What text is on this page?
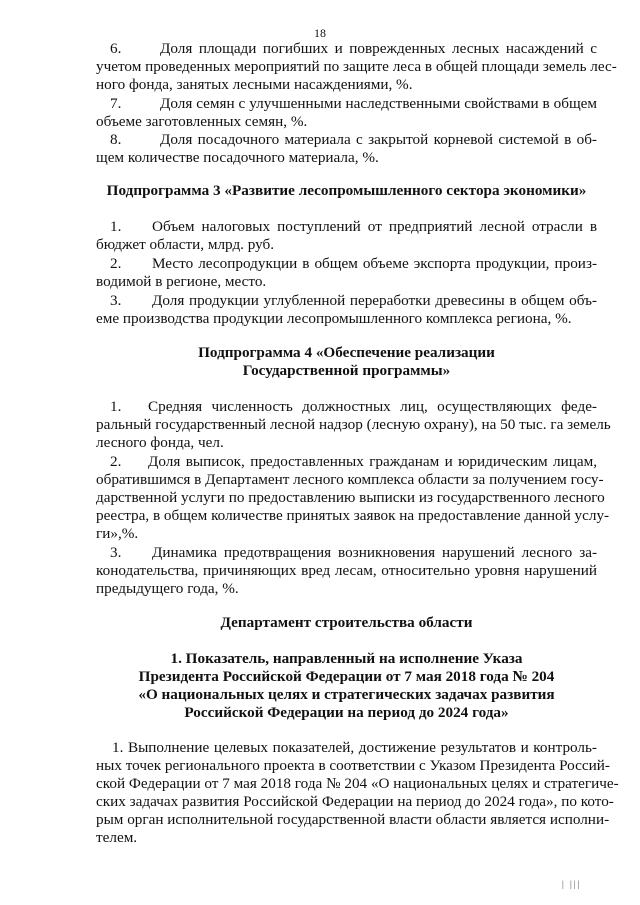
18
6.	Доля площади погибших и поврежденных лесных насаждений с
учетом проведенных мероприятий по защите леса в общей площади земель лес-
ного фонда, занятых лесными насаждениями, %.
7.	Доля семян с улучшенными наследственными свойствами в общем
объеме заготовленных семян, %.
8.	Доля посадочного материала с закрытой корневой системой в об-
щем количестве посадочного материала, %.
Подпрограмма 3 «Развитие лесопромышленного сектора экономики»
1. Объем налоговых поступлений от предприятий лесной отрасли в
бюджет области, млрд. руб.
2. Место лесопродукции в общем объеме экспорта продукции, произ-
водимой в регионе, место.
3. Доля продукции углубленной переработки древесины в общем объ-
еме производства продукции лесопромышленного комплекса региона, %.
Подпрограмма 4 «Обеспечение реализации
Государственной программы»
1. Средняя численность должностных лиц, осуществляющих феде-
ральный государственный лесной надзор (лесную охрану), на 50 тыс. га земель
лесного фонда, чел.
2. Доля выписок, предоставленных гражданам и юридическим лицам,
обратившимся в Департамент лесного комплекса области за получением госу-
дарственной услуги по предоставлению выписки из государственного лесного
реестра, в общем количестве принятых заявок на предоставление данной услу-
ги»,%.
3. Динамика предотвращения возникновения нарушений лесного за-
конодательства, причиняющих вред лесам, относительно уровня нарушений
предыдущего года, %.
Департамент строительства области
1. Показатель, направленный на исполнение Указа
Президента Российской Федерации от 7 мая 2018 года № 204
«О национальных целях и стратегических задачах развития
Российской Федерации на период до 2024 года»
1. Выполнение целевых показателей, достижение результатов и контроль-
ных точек регионального проекта в соответствии с Указом Президента Россий-
ской Федерации от 7 мая 2018 года № 204 «О национальных целях и стратегиче-
ских задачах развития Российской Федерации на период до 2024 года», по кото-
рым орган исполнительной государственной власти области является исполни-
телем.
| |||
